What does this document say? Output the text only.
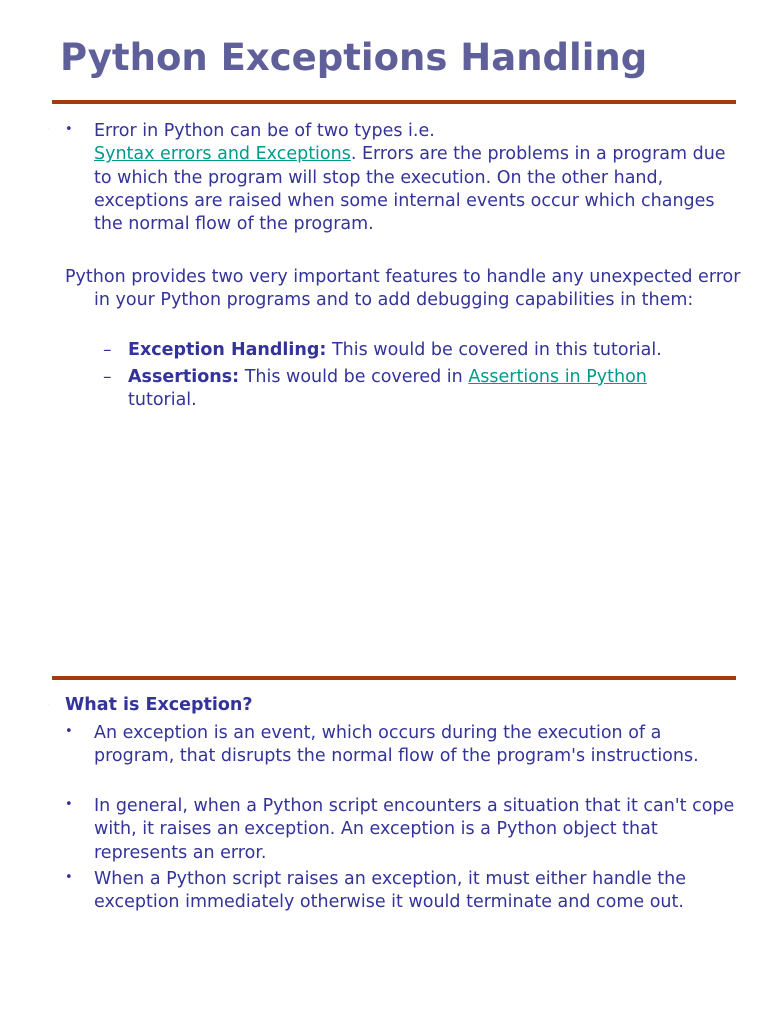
Python Exceptions Handling
· • Error in Python can be of two types i.e.
Syntax errors and Exceptions. Errors are the problems in a program due to which the program will stop the execution. On the other hand, exceptions are raised when some internal events occur which changes the normal flow of the program.
Python provides two very important features to handle any unexpected error in your Python programs and to add debugging capabilities in them:
– Exception Handling: This would be covered in this tutorial.
– Assertions: This would be covered in Assertions in Python
tutorial.
· What is Exception?
• An exception is an event, which occurs during the execution of a program, that disrupts the normal flow of the program's instructions.
• In general, when a Python script encounters a situation that it can't cope with, it raises an exception. An exception is a Python object that represents an error.
• When a Python script raises an exception, it must either handle the exception immediately otherwise it would terminate and come out.
